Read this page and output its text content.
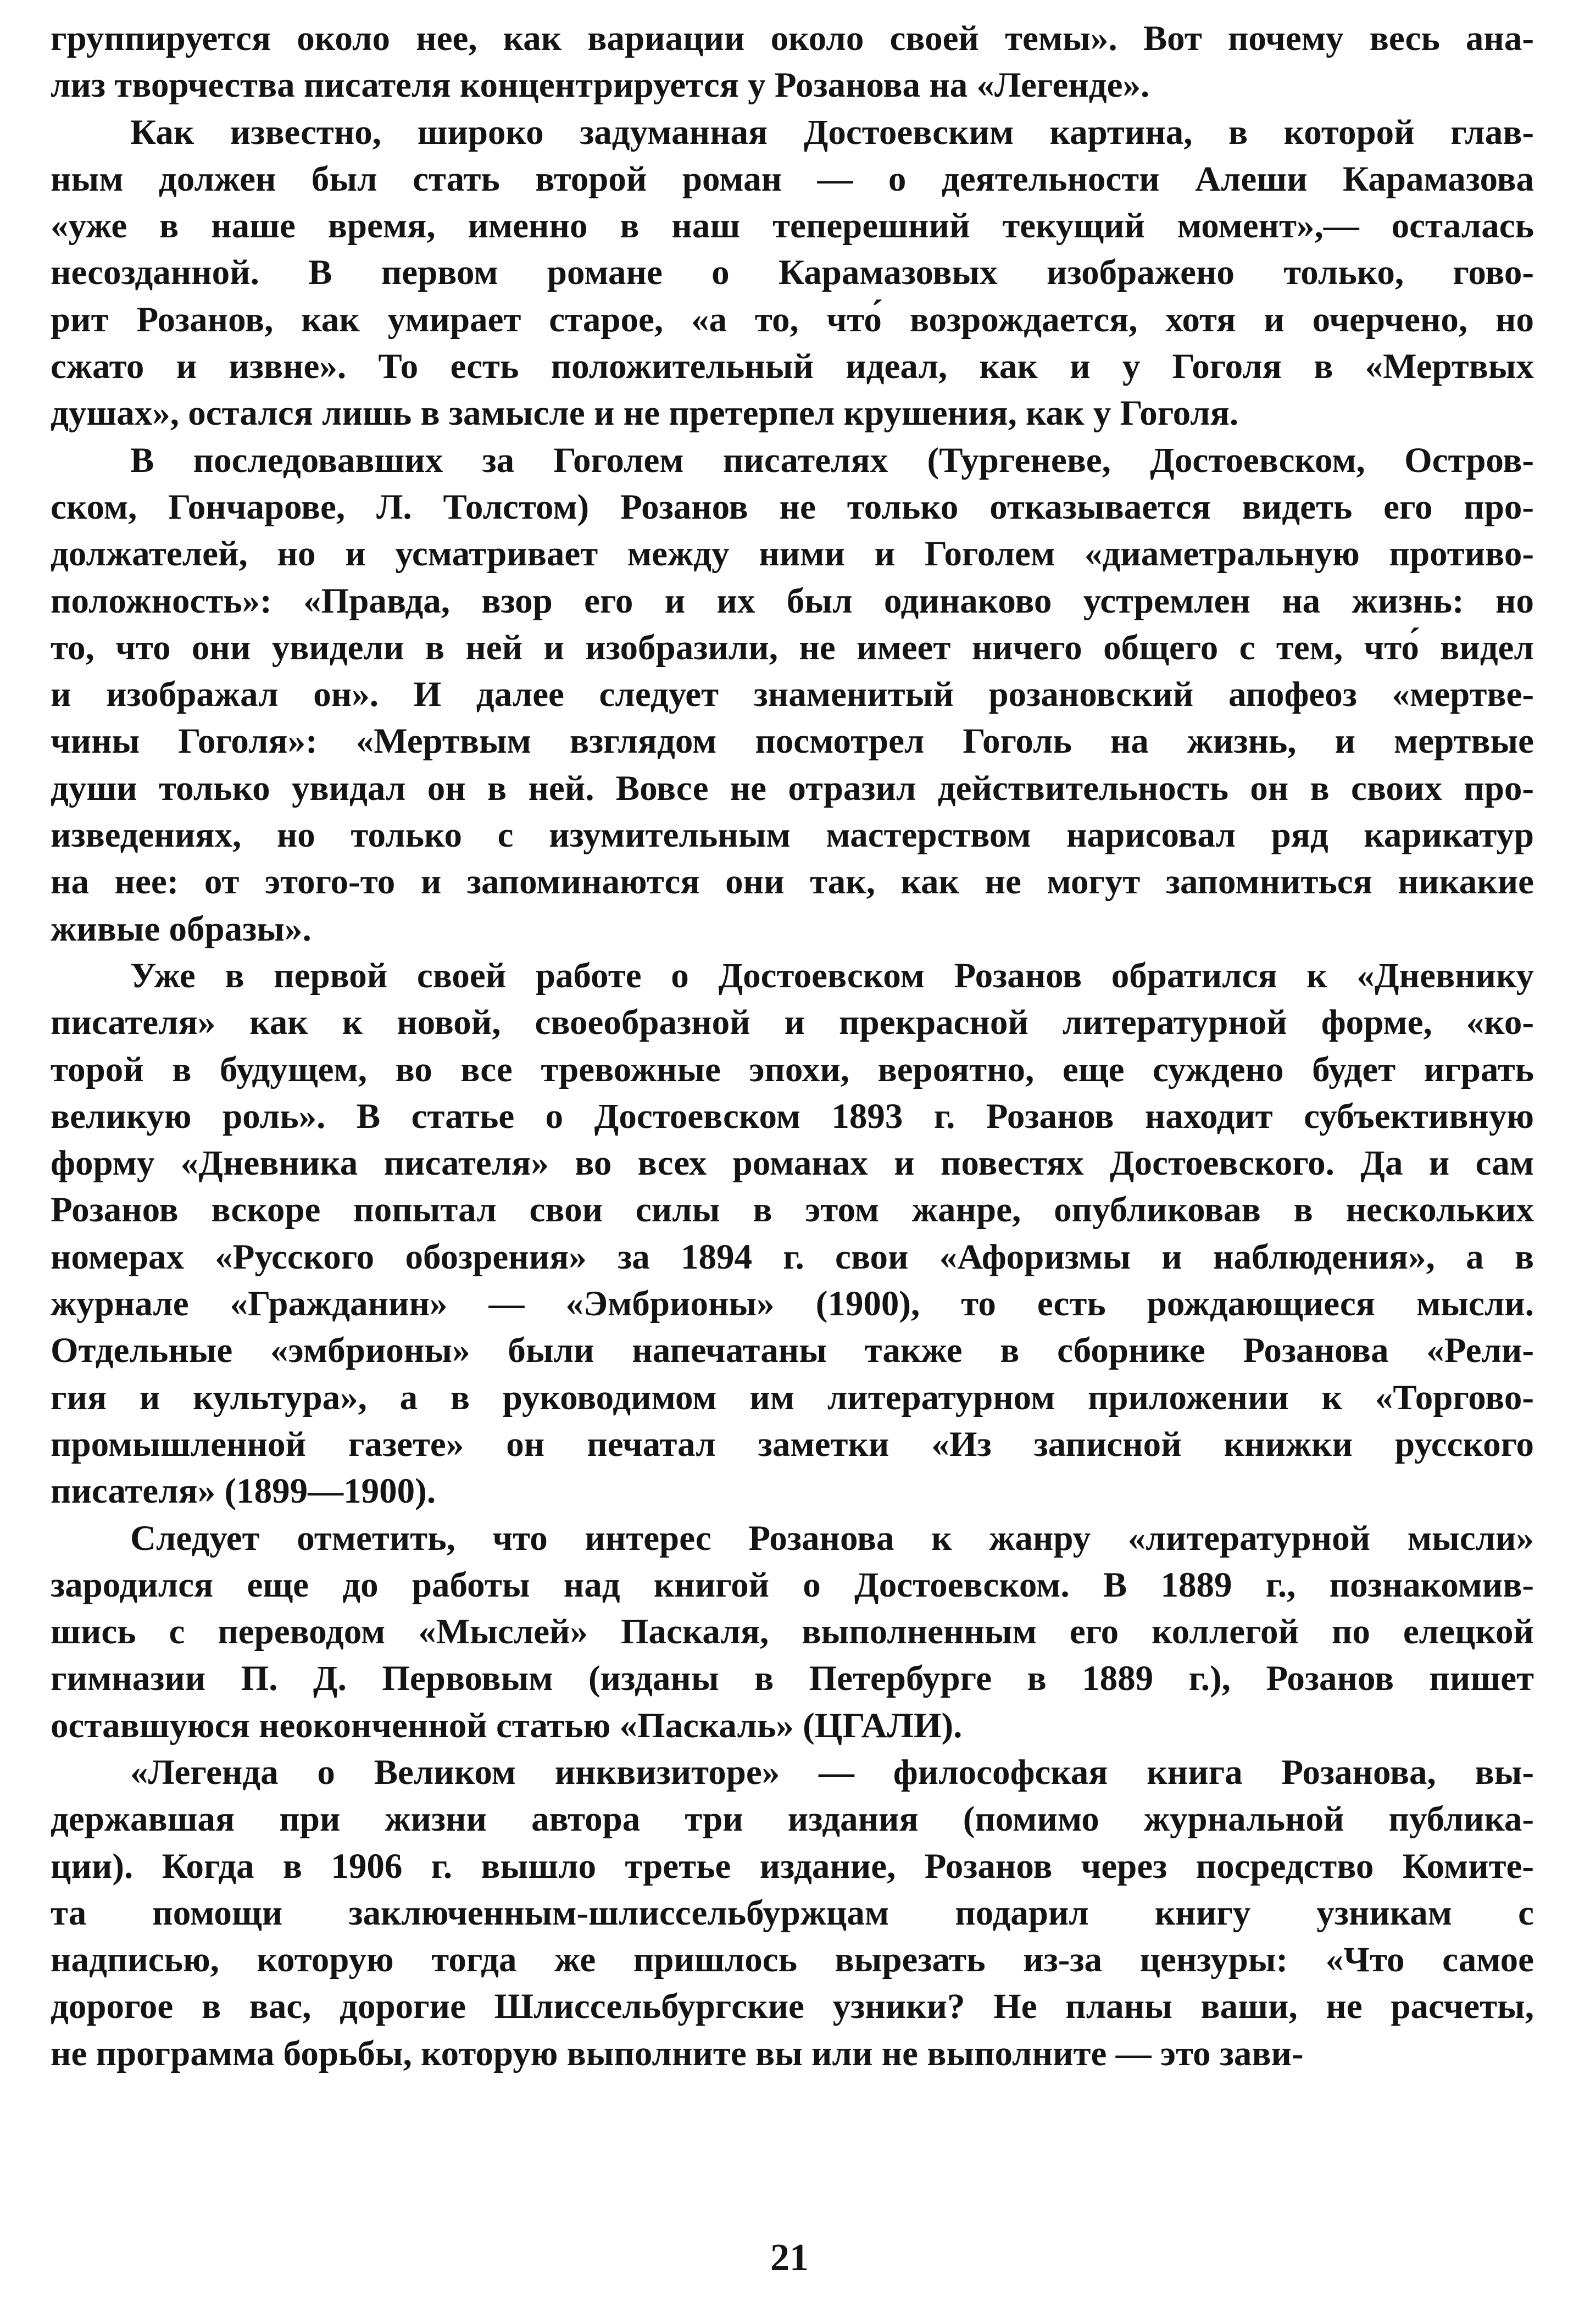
группируется около нее, как вариации около своей темы». Вот почему весь ана-
лиз творчества писателя концентрируется у Розанова на «Легенде».
Как известно, широко задуманная Достоевским картина, в которой глав-
ным должен был стать второй роман — о деятельности Алеши Карамазова
«уже в наше время, именно в наш теперешний текущий момент»,— осталась
несозданной. В первом романе о Карамазовых изображено только, гово-
рит Розанов, как умирает старое, «а то, что́ возрождается, хотя и очерчено, но
сжато и извне». То есть положительный идеал, как и у Гоголя в «Мертвых
душах», остался лишь в замысле и не претерпел крушения, как у Гоголя.
В последовавших за Гоголем писателях (Тургеневе, Достоевском, Остров-
ском, Гончарове, Л. Толстом) Розанов не только отказывается видеть его про-
должателей, но и усматривает между ними и Гоголем «диаметральную противо-
положность»: «Правда, взор его и их был одинаково устремлен на жизнь: но
то, что они увидели в ней и изобразили, не имеет ничего общего с тем, что́ видел
и изображал он». И далее следует знаменитый розановский апофеоз «мертве-
чины Гоголя»: «Мертвым взглядом посмотрел Гоголь на жизнь, и мертвые
души только увидал он в ней. Вовсе не отразил действительность он в своих про-
изведениях, но только с изумительным мастерством нарисовал ряд карикатур
на нее: от этого-то и запоминаются они так, как не могут запомниться никакие
живые образы».
Уже в первой своей работе о Достоевском Розанов обратился к «Дневнику
писателя» как к новой, своеобразной и прекрасной литературной форме, «ко-
торой в будущем, во все тревожные эпохи, вероятно, еще суждено будет играть
великую роль». В статье о Достоевском 1893 г. Розанов находит субъективную
форму «Дневника писателя» во всех романах и повестях Достоевского. Да и сам
Розанов вскоре попытал свои силы в этом жанре, опубликовав в нескольких
номерах «Русского обозрения» за 1894 г. свои «Афоризмы и наблюдения», а в
журнале «Гражданин» — «Эмбрионы» (1900), то есть рождающиеся мысли.
Отдельные «эмбрионы» были напечатаны также в сборнике Розанова «Рели-
гия и культура», а в руководимом им литературном приложении к «Торгово-
промышленной газете» он печатал заметки «Из записной книжки русского
писателя» (1899—1900).
Следует отметить, что интерес Розанова к жанру «литературной мысли»
зародился еще до работы над книгой о Достоевском. В 1889 г., познакомив-
шись с переводом «Мыслей» Паскаля, выполненным его коллегой по елецкой
гимназии П. Д. Первовым (изданы в Петербурге в 1889 г.), Розанов пишет
оставшуюся неоконченной статью «Паскаль» (ЦГАЛИ).
«Легенда о Великом инквизиторе» — философская книга Розанова, вы-
державшая при жизни автора три издания (помимо журнальной публика-
ции). Когда в 1906 г. вышло третье издание, Розанов через посредство Комите-
та помощи заключенным-шлиссельбуржцам подарил книгу узникам с
надписью, которую тогда же пришлось вырезать из-за цензуры: «Что самое
дорогое в вас, дорогие Шлиссельбургские узники? Не планы ваши, не расчеты,
не программа борьбы, которую выполните вы или не выполните — это зави-
21
